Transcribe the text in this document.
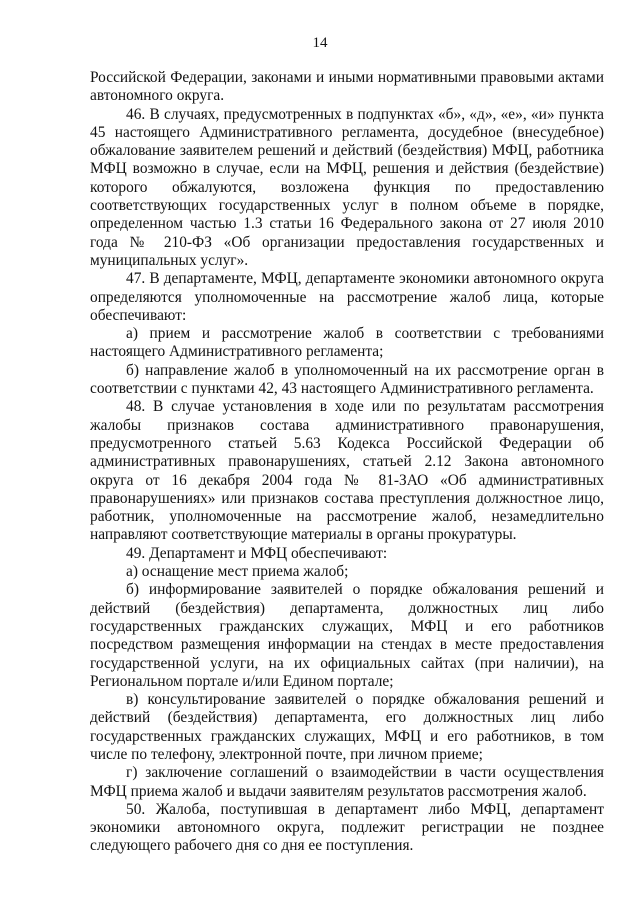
14

Российской Федерации, законами и иными нормативными правовыми актами автономного округа.

46. В случаях, предусмотренных в подпунктах «б», «д», «е», «и» пункта 45 настоящего Административного регламента, досудебное (внесудебное) обжалование заявителем решений и действий (бездействия) МФЦ, работника МФЦ возможно в случае, если на МФЦ, решения и действия (бездействие) которого обжалуются, возложена функция по предоставлению соответствующих государственных услуг в полном объеме в порядке, определенном частью 1.3 статьи 16 Федерального закона от 27 июля 2010 года № 210-ФЗ «Об организации предоставления государственных и муниципальных услуг».

47. В департаменте, МФЦ, департаменте экономики автономного округа определяются уполномоченные на рассмотрение жалоб лица, которые обеспечивают:

а) прием и рассмотрение жалоб в соответствии с требованиями настоящего Административного регламента;

б) направление жалоб в уполномоченный на их рассмотрение орган в соответствии с пунктами 42, 43 настоящего Административного регламента.

48. В случае установления в ходе или по результатам рассмотрения жалобы признаков состава административного правонарушения, предусмотренного статьей 5.63 Кодекса Российской Федерации об административных правонарушениях, статьей 2.12 Закона автономного округа от 16 декабря 2004 года № 81-ЗАО «Об административных правонарушениях» или признаков состава преступления должностное лицо, работник, уполномоченные на рассмотрение жалоб, незамедлительно направляют соответствующие материалы в органы прокуратуры.

49. Департамент и МФЦ обеспечивают:

а) оснащение мест приема жалоб;

б) информирование заявителей о порядке обжалования решений и действий (бездействия) департамента, должностных лиц либо государственных гражданских служащих, МФЦ и его работников посредством размещения информации на стендах в месте предоставления государственной услуги, на их официальных сайтах (при наличии), на Региональном портале и/или Едином портале;

в) консультирование заявителей о порядке обжалования решений и действий (бездействия) департамента, его должностных лиц либо государственных гражданских служащих, МФЦ и его работников, в том числе по телефону, электронной почте, при личном приеме;

г) заключение соглашений о взаимодействии в части осуществления МФЦ приема жалоб и выдачи заявителям результатов рассмотрения жалоб.

50. Жалоба, поступившая в департамент либо МФЦ, департамент экономики автономного округа, подлежит регистрации не позднее следующего рабочего дня со дня ее поступления.
